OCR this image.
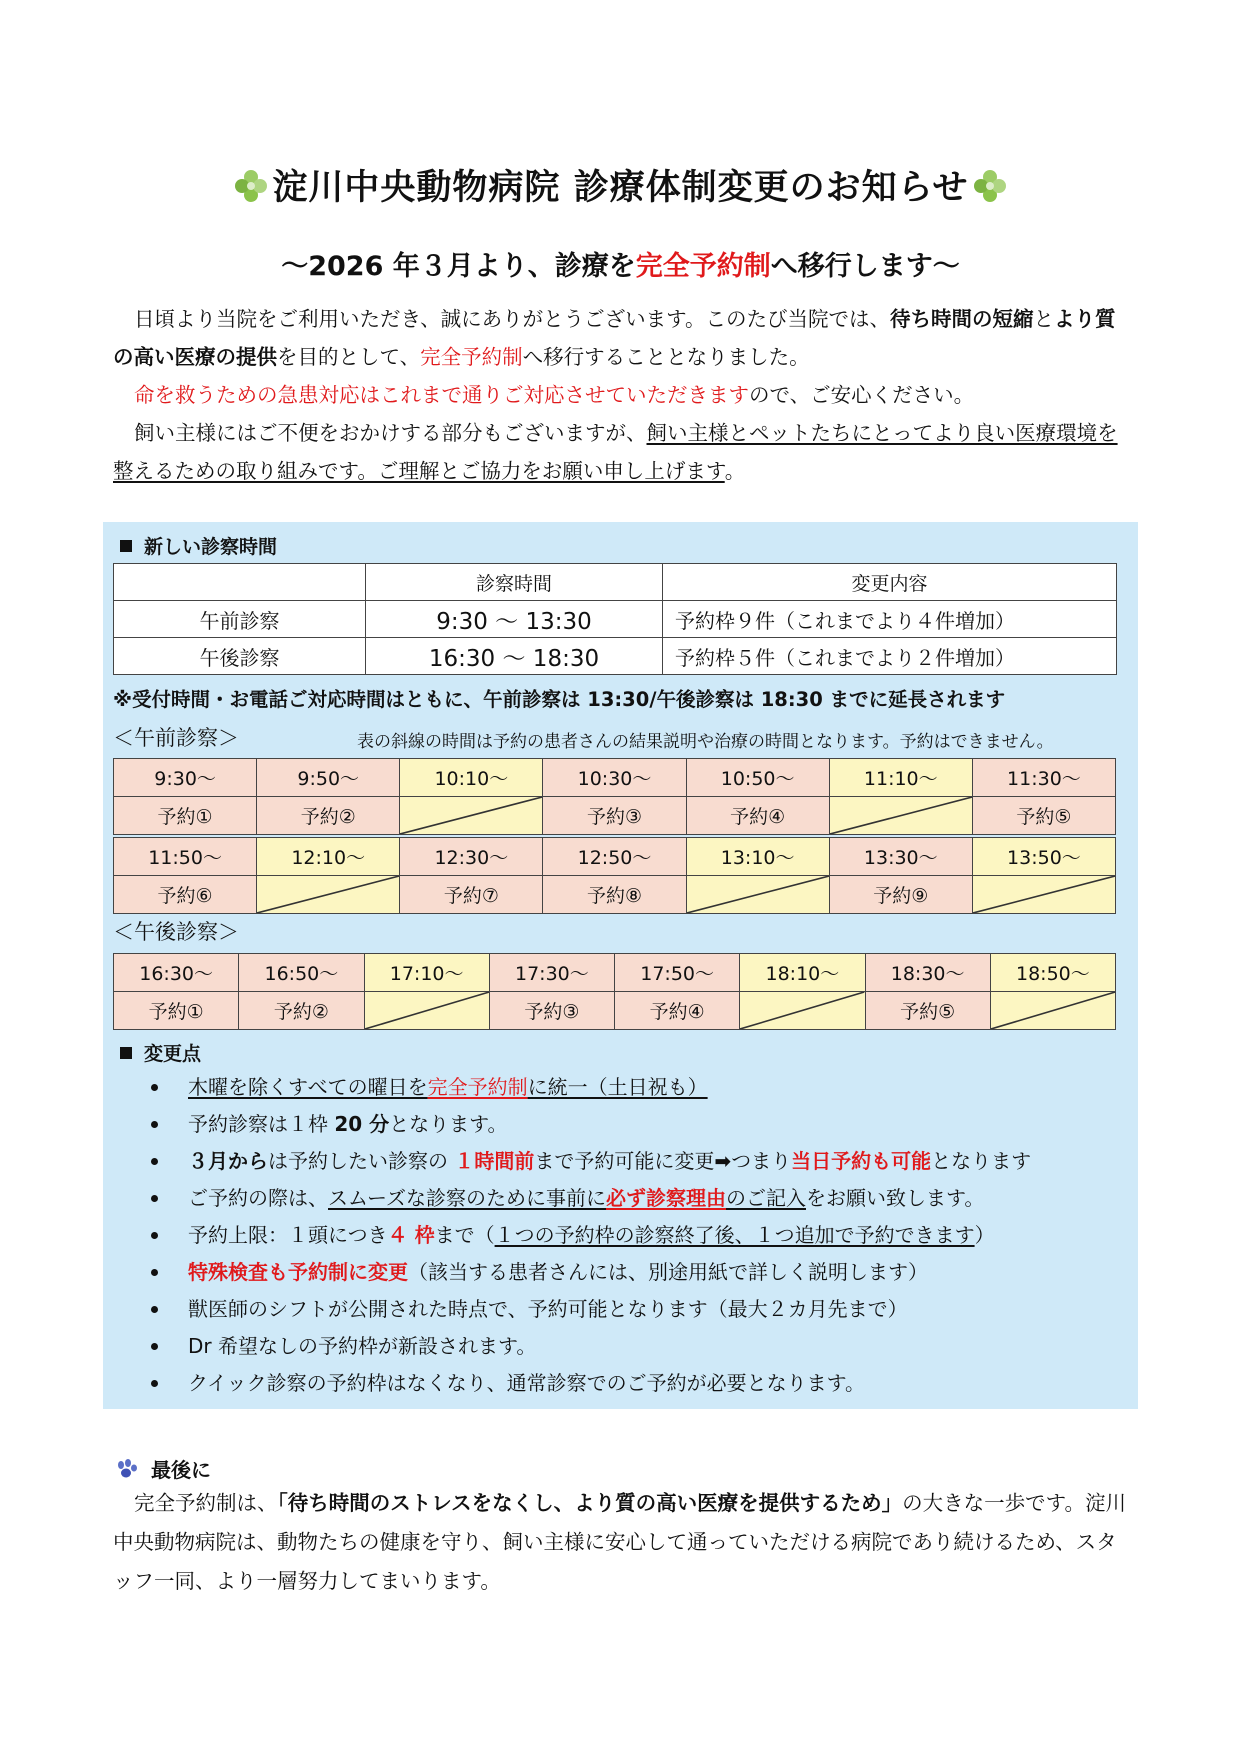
淀川中央動物病院 診療体制変更のお知らせ
～2026 年３月より、診療を完全予約制へ移行します～

日頃より当院をご利用いただき、誠にありがとうございます。このたび当院では、待ち時間の短縮とより質の高い医療の提供を目的として、完全予約制へ移行することとなりました。

命を救うための急患対応はこれまで通りご対応させていただきますので、ご安心ください。

飼い主様にはご不便をおかけする部分もございますが、飼い主様とペットたちにとってより良い医療環境を整えるための取り組みです。ご理解とご協力をお願い申し上げます。

新しい診察時間
	診察時間	変更内容
午前診察	9:30 ～ 13:30	予約枠９件（これまでより４件増加）
午後診察	16:30 ～ 18:30	予約枠５件（これまでより２件増加）
※受付時間・お電話ご対応時間はともに、午前診察は 13:30/午後診察は 18:30 までに延長されます
＜午前診察＞	表の斜線の時間は予約の患者さんの結果説明や治療の時間となります。予約はできません。
9:30～	9:50～	10:10～	10:30～	10:50～	11:10～	11:30～
予約①	予約②		予約③	予約④		予約⑤
11:50～	12:10～	12:30～	12:50～	13:10～	13:30～	13:50～
予約⑥		予約⑦	予約⑧		予約⑨	
＜午後診察＞
16:30～	16:50～	17:10～	17:30～	17:50～	18:10～	18:30～	18:50～
予約①	予約②		予約③	予約④		予約⑤	
変更点
木曜を除くすべての曜日を完全予約制に統一（土日祝も）
予約診察は１枠 20 分となります。
３月からは予約したい診察の １時間前まで予約可能に変更➡つまり当日予約も可能となります
ご予約の際は、スムーズな診察のために事前に必ず診察理由のご記入をお願い致します。
予約上限：１頭につき４ 枠まで（１つの予約枠の診察終了後、１つ追加で予約できます）
特殊検査も予約制に変更（該当する患者さんには、別途用紙で詳しく説明します）
獣医師のシフトが公開された時点で、予約可能となります（最大２カ月先まで）
Dr 希望なしの予約枠が新設されます。
クイック診察の予約枠はなくなり、通常診察でのご予約が必要となります。
最後に

完全予約制は、「待ち時間のストレスをなくし、より質の高い医療を提供するため」の大きな一歩です。淀川中央動物病院は、動物たちの健康を守り、飼い主様に安心して通っていただける病院であり続けるため、スタッフ一同、より一層努力してまいります。
